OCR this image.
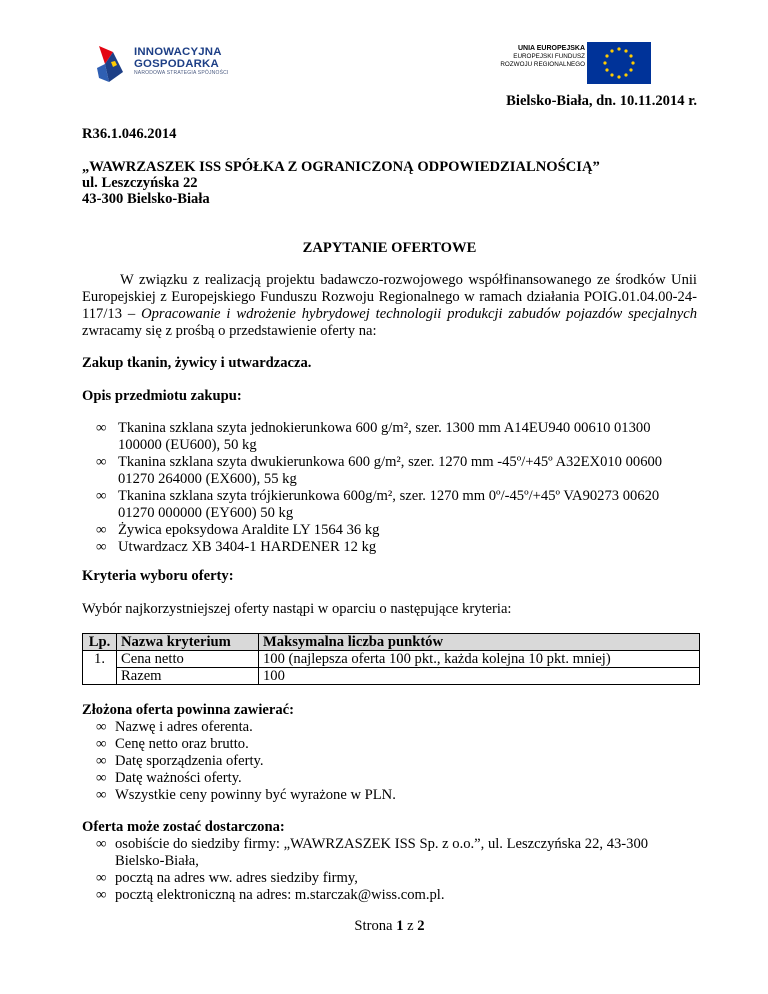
INNOWACYJNA
GOSPODARKA
NARODOWA STRATEGIA SPÓJNOŚCI
UNIA EUROPEJSKA
EUROPEJSKI FUNDUSZ
ROZWOJU REGIONALNEGO

Bielsko-Biała, dn. 10.11.2014 r.

R36.1.046.2014

„WAWRZASZEK ISS SPÓŁKA Z OGRANICZONĄ ODPOWIEDZIALNOŚCIĄ”

ul. Leszczyńska 22

43-300 Bielsko-Biała

ZAPYTANIE OFERTOWE

W związku z realizacją projektu badawczo-rozwojowego współfinansowanego ze środków Unii Europejskiej z Europejskiego Funduszu Rozwoju Regionalnego w ramach działania POIG.01.04.00-24-117/13 – Opracowanie i wdrożenie hybrydowej technologii produkcji zabudów pojazdów specjalnych zwracamy się z prośbą o przedstawienie oferty na:

Zakup tkanin, żywicy i utwardzacza.

Opis przedmiotu zakupu:

∞ Tkanina szklana szyta jednokierunkowa 600 g/m², szer. 1300 mm A14EU940 00610 01300 100000 (EU600), 50 kg
∞ Tkanina szklana szyta dwukierunkowa 600 g/m², szer. 1270 mm -45º/+45º A32EX010 00600 01270 264000 (EX600), 55 kg
∞ Tkanina szklana szyta trójkierunkowa 600g/m², szer. 1270 mm 0º/-45º/+45º VA90273 00620 01270 000000 (EY600) 50 kg
∞ Żywica epoksydowa Araldite LY 1564 36 kg
∞ Utwardzacz XB 3404-1 HARDENER 12 kg

Kryteria wyboru oferty:

Wybór najkorzystniejszej oferty nastąpi w oparciu o następujące kryteria:

Lp.	Nazwa kryterium	Maksymalna liczba punktów
1.	Cena netto	100 (najlepsza oferta 100 pkt., każda kolejna 10 pkt. mniej)
	Razem	100

Złożona oferta powinna zawierać:

∞ Nazwę i adres oferenta.
∞ Cenę netto oraz brutto.
∞ Datę sporządzenia oferty.
∞ Datę ważności oferty.
∞ Wszystkie ceny powinny być wyrażone w PLN.

Oferta może zostać dostarczona:

∞ osobiście do siedziby firmy: „WAWRZASZEK ISS Sp. z o.o.”, ul. Leszczyńska 22, 43-300 Bielsko-Biała,
∞ pocztą na adres ww. adres siedziby firmy,
∞ pocztą elektroniczną na adres: m.starczak@wiss.com.pl.

Strona 1 z 2
